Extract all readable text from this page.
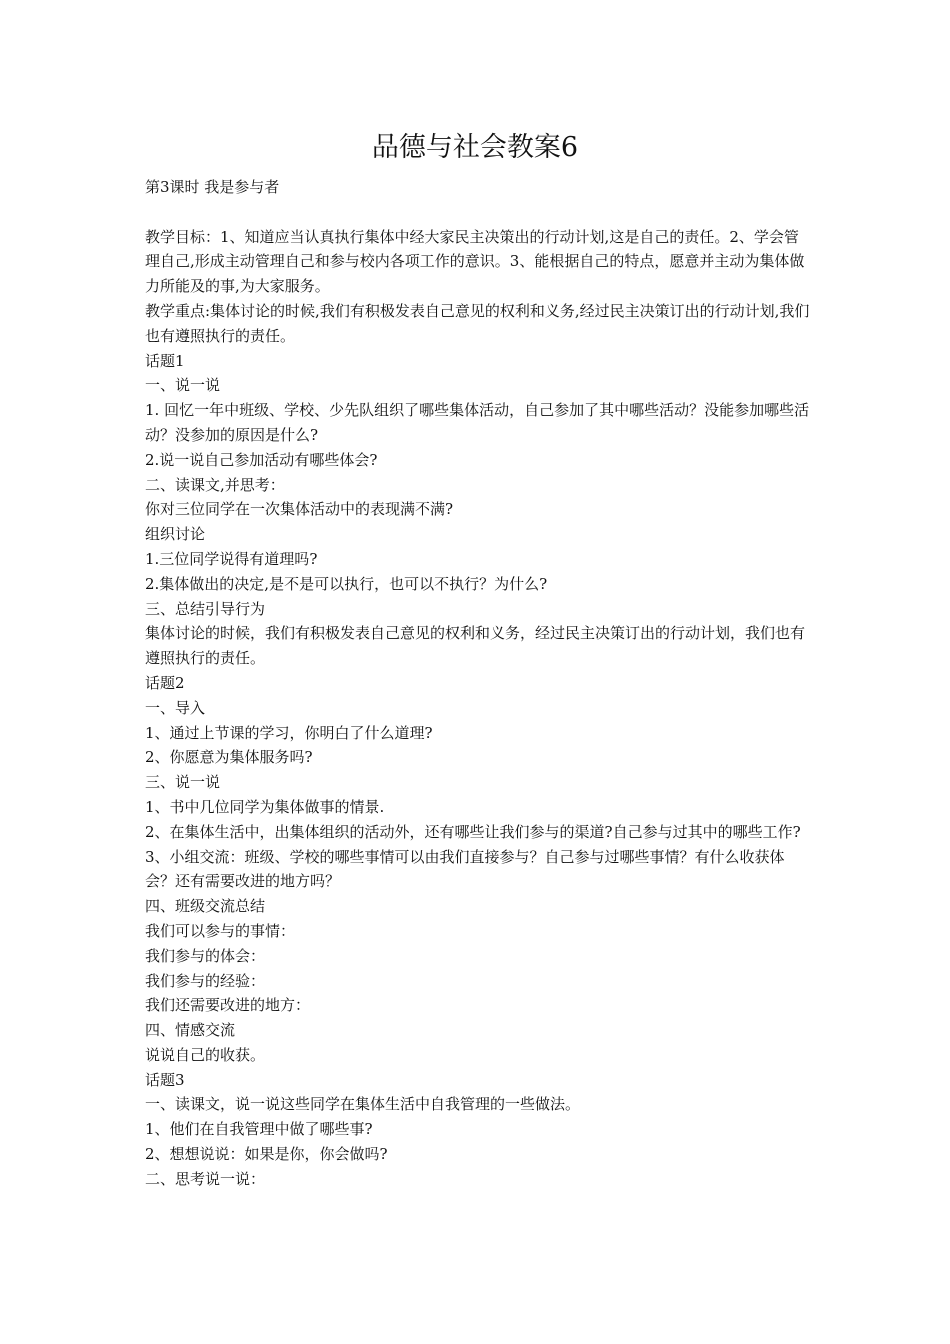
品德与社会教案6

第3课时 我是参与者

教学目标：1、知道应当认真执行集体中经大家民主决策出的行动计划,这是自己的责任。2、学会管理自己,形成主动管理自己和参与校内各项工作的意识。3、能根据自己的特点，愿意并主动为集体做力所能及的事,为大家服务。

教学重点:集体讨论的时候,我们有积极发表自己意见的权利和义务,经过民主决策订出的行动计划,我们也有遵照执行的责任。

话题1

一、说一说

1. 回忆一年中班级、学校、少先队组织了哪些集体活动，自己参加了其中哪些活动？没能参加哪些活动？没参加的原因是什么?

2.说一说自己参加活动有哪些体会?

二、读课文,并思考：

你对三位同学在一次集体活动中的表现满不满?

组织讨论

1.三位同学说得有道理吗?

2.集体做出的决定,是不是可以执行，也可以不执行？为什么?

三、总结引导行为

集体讨论的时候，我们有积极发表自己意见的权利和义务，经过民主决策订出的行动计划，我们也有遵照执行的责任。

话题2

一、导入

1、通过上节课的学习，你明白了什么道理?

2、你愿意为集体服务吗?

三、说一说

1、书中几位同学为集体做事的情景.

2、在集体生活中，出集体组织的活动外，还有哪些让我们参与的渠道?自己参与过其中的哪些工作?

3、小组交流：班级、学校的哪些事情可以由我们直接参与？自己参与过哪些事情？有什么收获体会？还有需要改进的地方吗？

四、班级交流总结

我们可以参与的事情：

我们参与的体会：

我们参与的经验：

我们还需要改进的地方：

四、情感交流

说说自己的收获。

话题3

一、读课文，说一说这些同学在集体生活中自我管理的一些做法。

1、他们在自我管理中做了哪些事?

2、想想说说：如果是你，你会做吗?

二、思考说一说：
